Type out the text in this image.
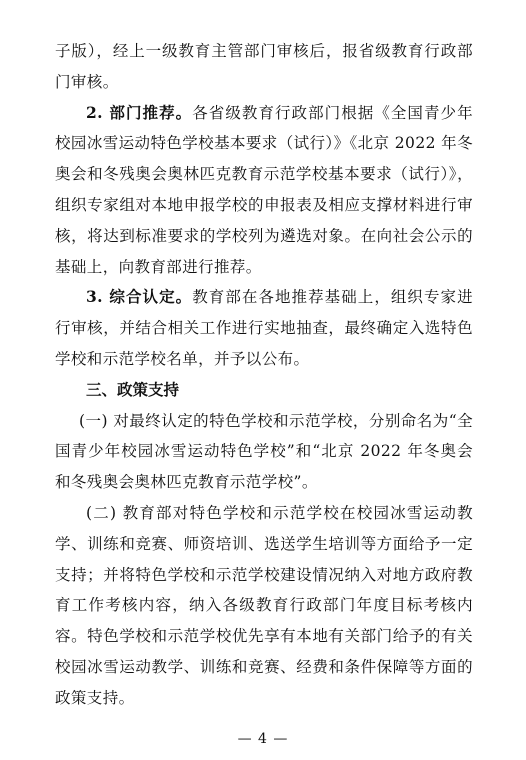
子版），经上一级教育主管部门审核后，报省级教育行政部门审核。

2. 部门推荐。各省级教育行政部门根据《全国青少年校园冰雪运动特色学校基本要求（试行）》《北京 2022 年冬奥会和冬残奥会奥林匹克教育示范学校基本要求（试行）》，组织专家组对本地申报学校的申报表及相应支撑材料进行审核，将达到标准要求的学校列为遴选对象。在向社会公示的基础上，向教育部进行推荐。

3. 综合认定。教育部在各地推荐基础上，组织专家进行审核，并结合相关工作进行实地抽查，最终确定入选特色学校和示范学校名单，并予以公布。

三、政策支持

(一) 对最终认定的特色学校和示范学校，分别命名为“全国青少年校园冰雪运动特色学校”和“北京 2022 年冬奥会和冬残奥会奥林匹克教育示范学校”。

(二) 教育部对特色学校和示范学校在校园冰雪运动教学、训练和竞赛、师资培训、选送学生培训等方面给予一定支持；并将特色学校和示范学校建设情况纳入对地方政府教育工作考核内容，纳入各级教育行政部门年度目标考核内容。特色学校和示范学校优先享有本地有关部门给予的有关校园冰雪运动教学、训练和竞赛、经费和条件保障等方面的政策支持。

— 4 —
